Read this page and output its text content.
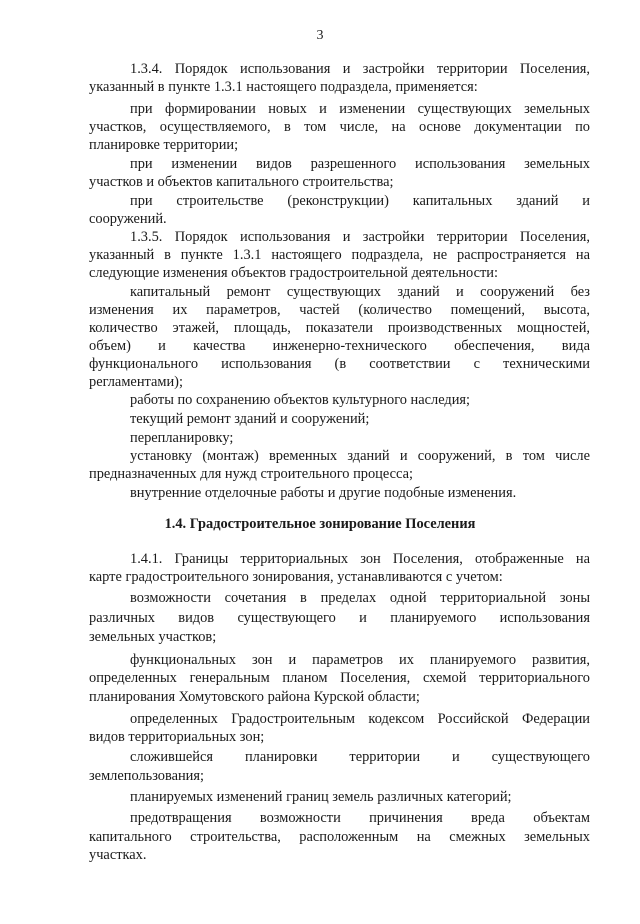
3
1.3.4. Порядок использования и застройки территории Поселения,
указанный в пункте 1.3.1 настоящего подраздела, применяется:
при формировании новых и изменении существующих земельных
участков, осуществляемого, в том числе, на основе документации по
планировке территории;
при изменении видов разрешенного использования земельных
участков и объектов капитального строительства;
при строительстве (реконструкции) капитальных зданий и
сооружений.
1.3.5. Порядок использования и застройки территории Поселения,
указанный в пункте 1.3.1 настоящего подраздела, не распространяется на
следующие изменения объектов градостроительной деятельности:
капитальный ремонт существующих зданий и сооружений без
изменения их параметров, частей (количество помещений, высота,
количество этажей, площадь, показатели производственных мощностей,
объем) и качества инженерно-технического обеспечения, вида
функционального использования (в соответствии с техническими
регламентами);
работы по сохранению объектов культурного наследия;
текущий ремонт зданий и сооружений;
перепланировку;
установку (монтаж) временных зданий и сооружений, в том числе
предназначенных для нужд строительного процесса;
внутренние отделочные работы и другие подобные изменения.
1.4. Градостроительное зонирование Поселения
1.4.1. Границы территориальных зон Поселения, отображенные на
карте градостроительного зонирования, устанавливаются с учетом:
возможности сочетания в пределах одной территориальной зоны
различных видов существующего и планируемого использования
земельных участков;
функциональных зон и параметров их планируемого развития,
определенных генеральным планом Поселения, схемой территориального
планирования Хомутовского района Курской области;
определенных Градостроительным кодексом Российской Федерации
видов территориальных зон;
сложившейся планировки территории и существующего
землепользования;
планируемых изменений границ земель различных категорий;
предотвращения возможности причинения вреда объектам
капитального строительства, расположенным на смежных земельных
участках.
